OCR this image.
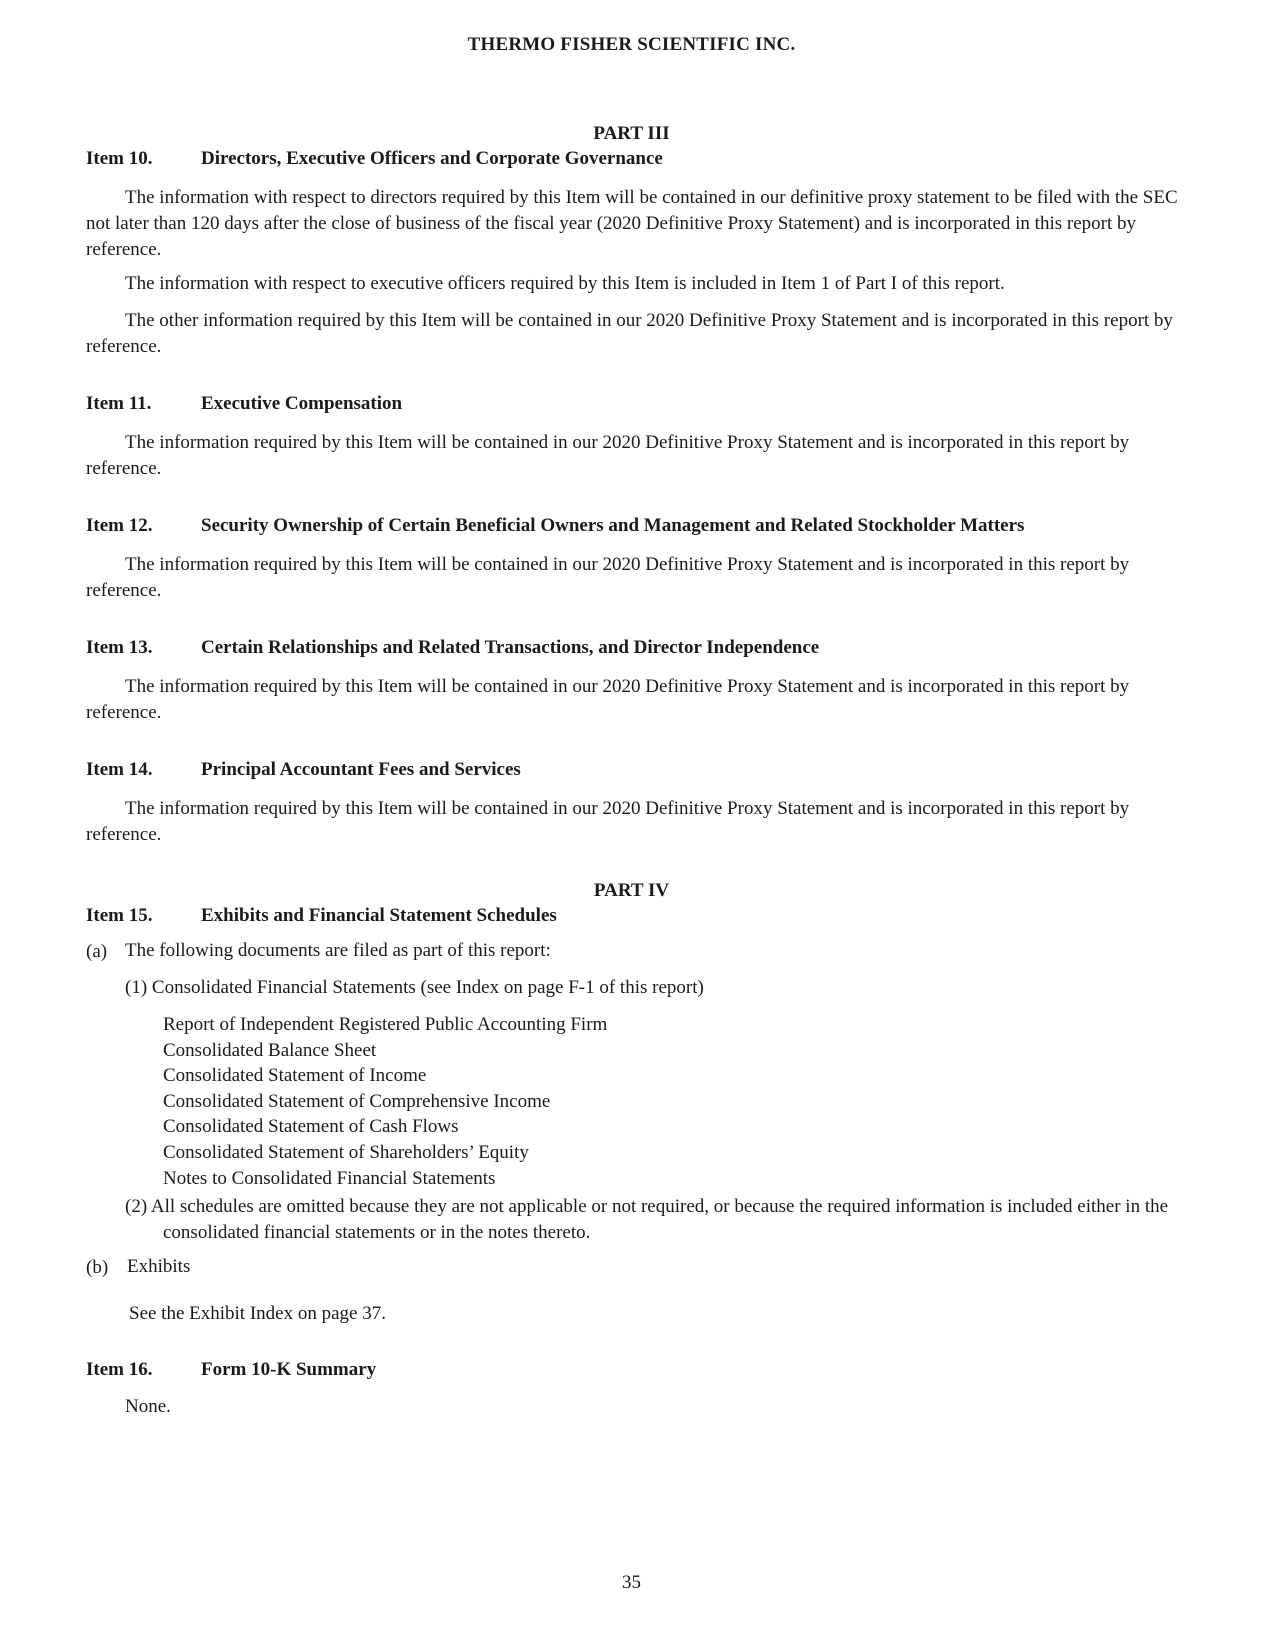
THERMO FISHER SCIENTIFIC INC.

PART III

Item 10.	Directors, Executive Officers and Corporate Governance

The information with respect to directors required by this Item will be contained in our definitive proxy statement to be filed with the SEC not later than 120 days after the close of business of the fiscal year (2020 Definitive Proxy Statement) and is incorporated in this report by reference.

The information with respect to executive officers required by this Item is included in Item 1 of Part I of this report.

The other information required by this Item will be contained in our 2020 Definitive Proxy Statement and is incorporated in this report by reference.

Item 11.	Executive Compensation

The information required by this Item will be contained in our 2020 Definitive Proxy Statement and is incorporated in this report by reference.

Item 12.	Security Ownership of Certain Beneficial Owners and Management and Related Stockholder Matters

The information required by this Item will be contained in our 2020 Definitive Proxy Statement and is incorporated in this report by reference.

Item 13.	Certain Relationships and Related Transactions, and Director Independence

The information required by this Item will be contained in our 2020 Definitive Proxy Statement and is incorporated in this report by reference.

Item 14.	Principal Accountant Fees and Services

The information required by this Item will be contained in our 2020 Definitive Proxy Statement and is incorporated in this report by reference.

PART IV

Item 15.	Exhibits and Financial Statement Schedules

(a) The following documents are filed as part of this report:

(1) Consolidated Financial Statements (see Index on page F-1 of this report)

Report of Independent Registered Public Accounting Firm
Consolidated Balance Sheet
Consolidated Statement of Income
Consolidated Statement of Comprehensive Income
Consolidated Statement of Cash Flows
Consolidated Statement of Shareholders’ Equity
Notes to Consolidated Financial Statements

(2) All schedules are omitted because they are not applicable or not required, or because the required information is included either in the consolidated financial statements or in the notes thereto.

(b) Exhibits

See the Exhibit Index on page 37.

Item 16.	Form 10-K Summary

None.

35
